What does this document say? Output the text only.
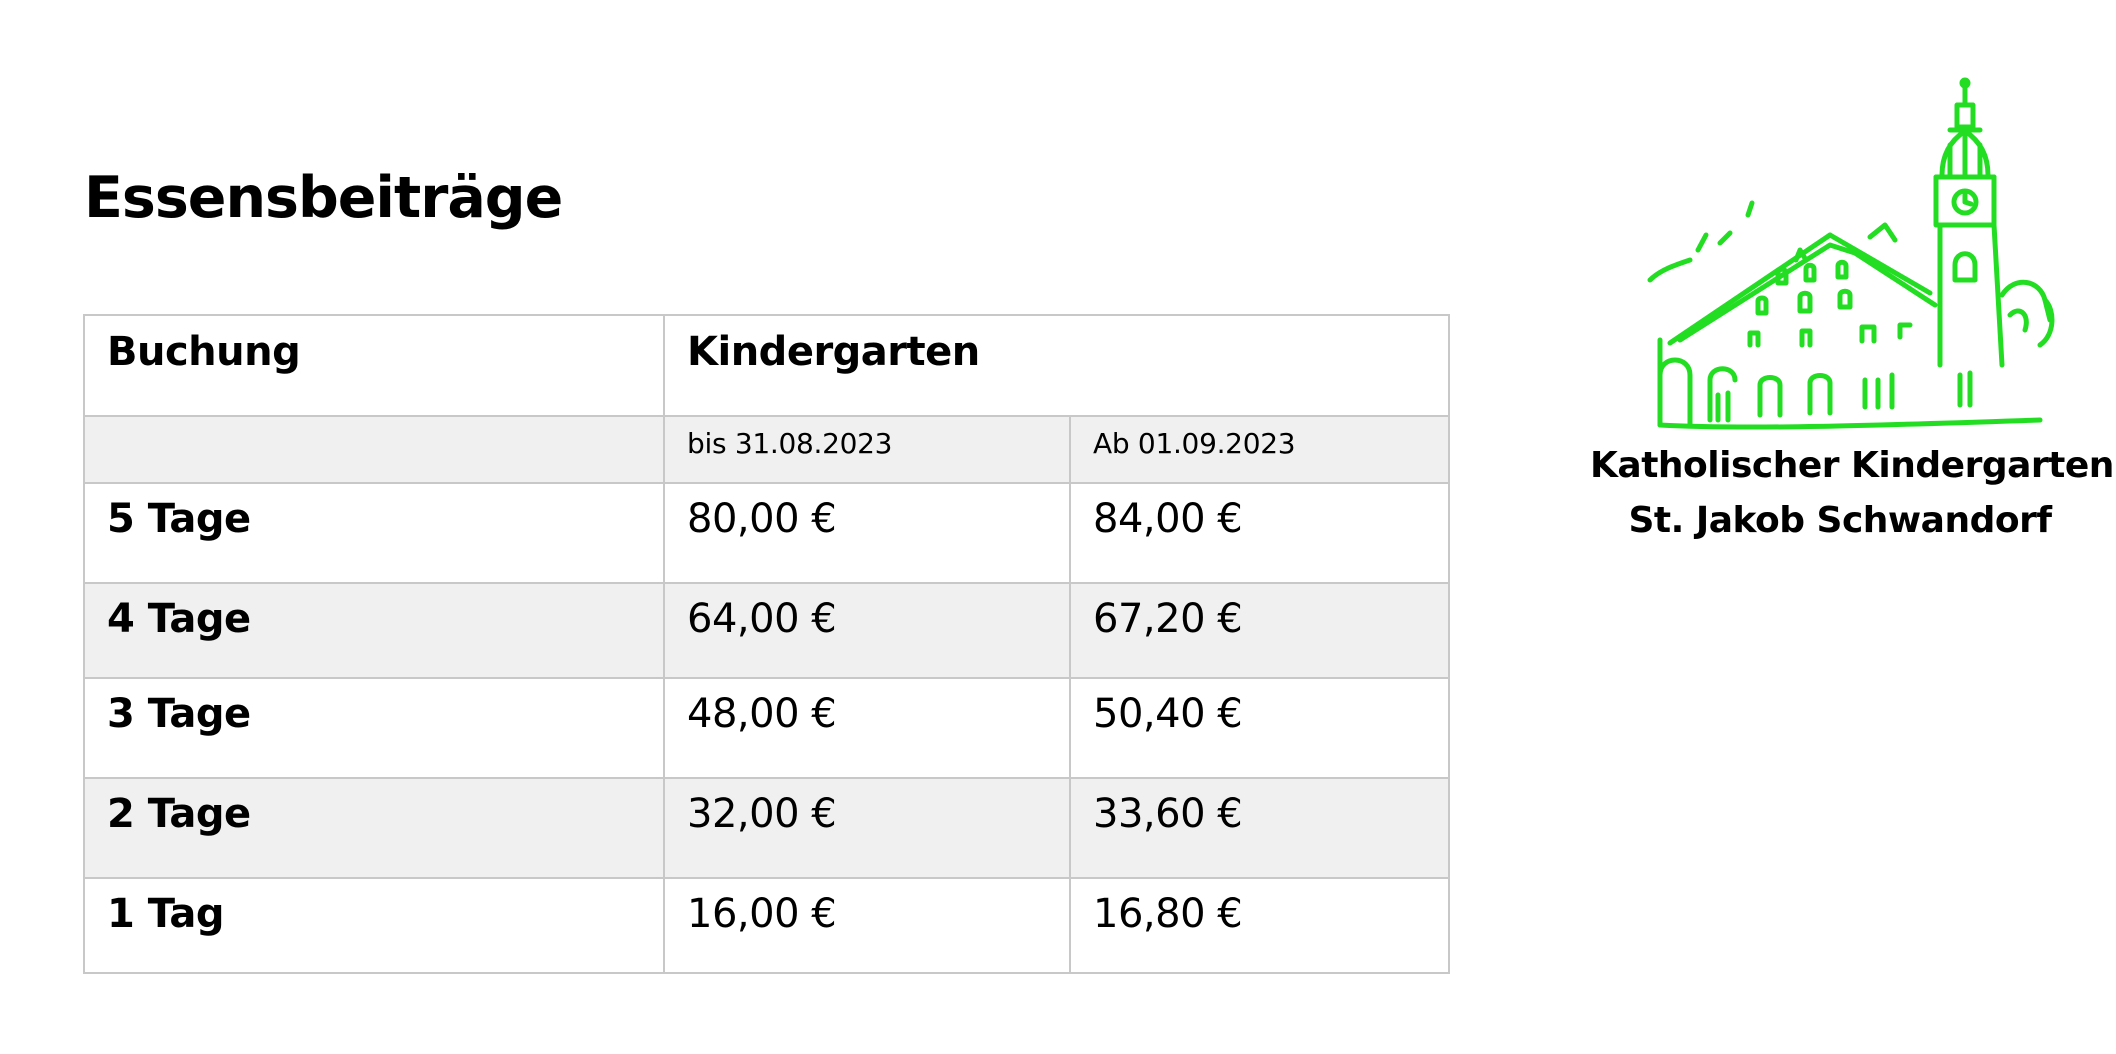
Essensbeiträge
Buchung	Kindergarten	
	bis 31.08.2023	Ab 01.09.2023
5 Tage	80,00 €	84,00 €
4 Tage	64,00 €	67,20 €
3 Tage	48,00 €	50,40 €
2 Tage	32,00 €	33,60 €
1 Tag	16,00 €	16,80 €
Katholischer Kindergarten
St. Jakob Schwandorf
